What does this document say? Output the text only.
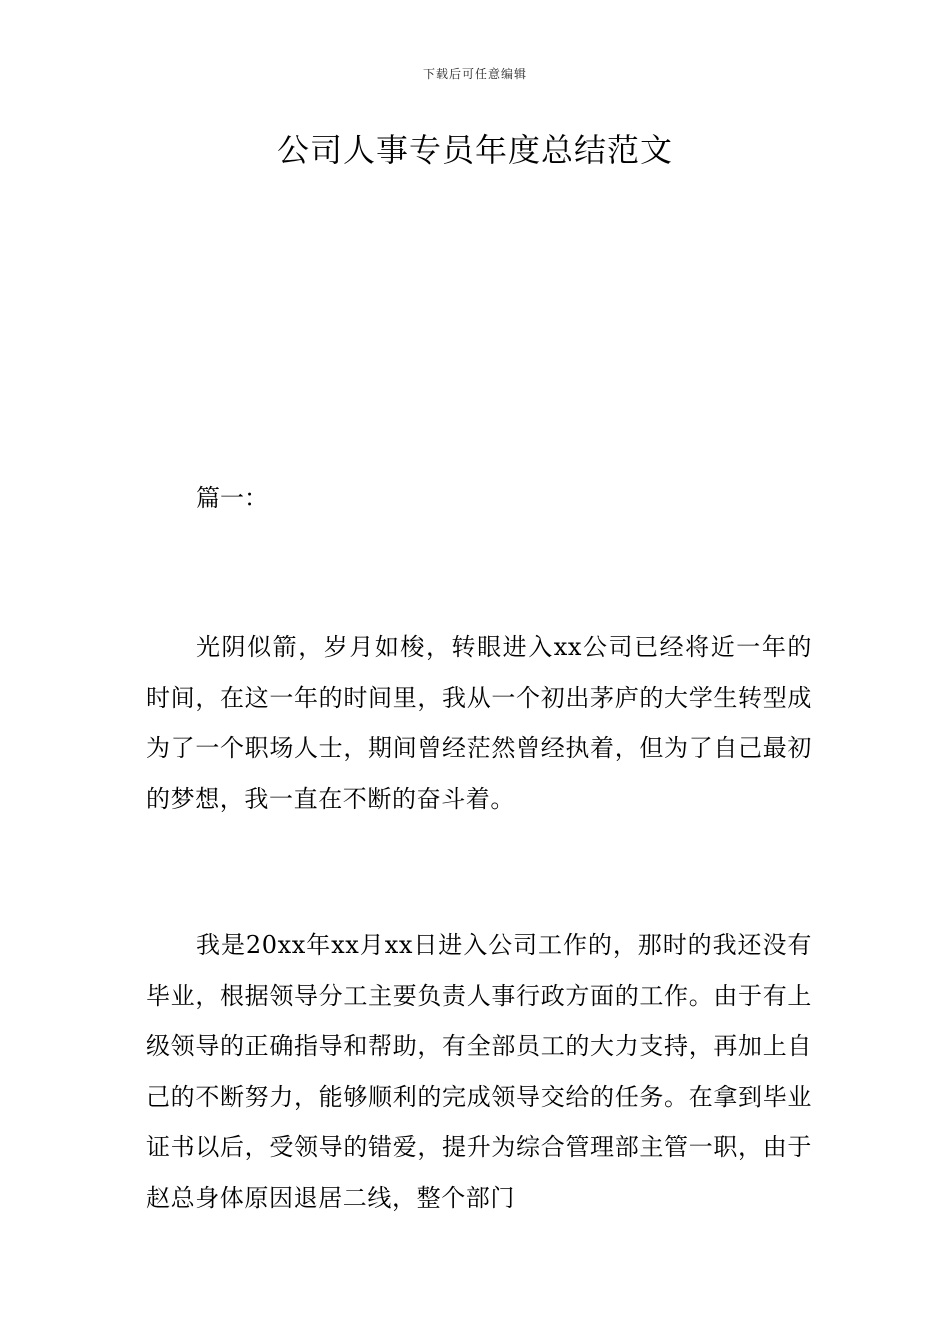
下载后可任意编辑
公司人事专员年度总结范文
篇一：

光阴似箭，岁月如梭，转眼进入xx公司已经将近一年的时间，在这一年的时间里，我从一个初出茅庐的大学生转型成为了一个职场人士，期间曾经茫然曾经执着，但为了自己最初的梦想，我一直在不断的奋斗着。

我是20xx年xx月xx日进入公司工作的，那时的我还没有毕业，根据领导分工主要负责人事行政方面的工作。由于有上级领导的正确指导和帮助，有全部员工的大力支持，再加上自己的不断努力，能够顺利的完成领导交给的任务。在拿到毕业证书以后，受领导的错爱，提升为综合管理部主管一职，由于赵总身体原因退居二线，整个部门
